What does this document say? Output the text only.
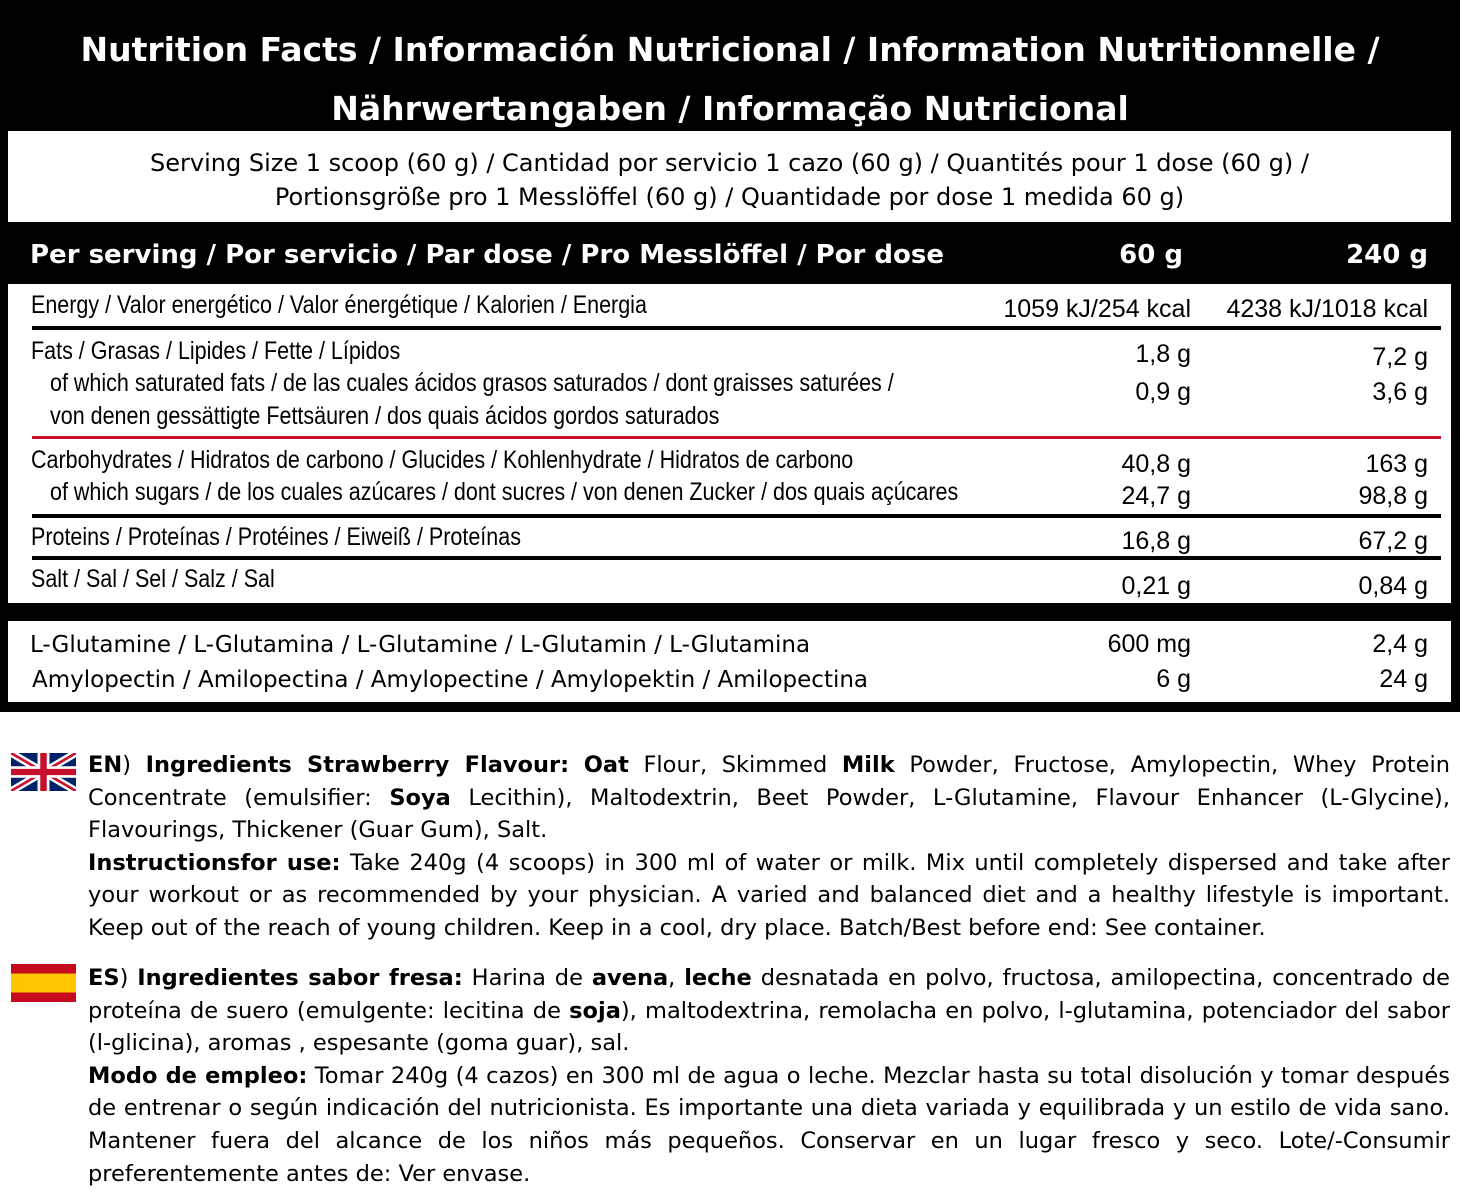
Nutrition Facts / Información Nutricional / Information Nutritionnelle /
Nährwertangaben / Informação Nutricional
Serving Size 1 scoop (60 g) / Cantidad por servicio 1 cazo (60 g) / Quantités pour 1 dose (60 g) /
Portionsgröße pro 1 Messlöffel (60 g) / Quantidade por dose 1 medida 60 g)
Per serving / Por servicio / Par dose / Pro Messlöffel / Por dose	60 g	240 g
Energy / Valor energético / Valor énergétique / Kalorien / Energia	1059 kJ/254 kcal	4238 kJ/1018 kcal
Fats / Grasas / Lipides / Fette / Lípidos	1,8 g	7,2 g
of which saturated fats / de las cuales ácidos grasos saturados / dont graisses saturées /
von denen gessättigte Fettsäuren / dos quais ácidos gordos saturados
0,9 g	3,6 g
Carbohydrates / Hidratos de carbono / Glucides / Kohlenhydrate / Hidratos de carbono	40,8 g	163 g
of which sugars / de los cuales azúcares / dont sucres / von denen Zucker / dos quais açúcares	24,7 g	98,8 g
Proteins / Proteínas / Protéines / Eiweiß / Proteínas	16,8 g	67,2 g
Salt / Sal / Sel / Salz / Sal	0,21 g	0,84 g
L-Glutamine / L-Glutamina / L-Glutamine / L-Glutamin / L-Glutamina	600 mg	2,4 g
Amylopectin / Amilopectina / Amylopectine / Amylopektin / Amilopectina	6 g	24 g

EN) Ingredients Strawberry Flavour: Oat Flour, Skimmed Milk Powder, Fructose, Amylopectin, Whey Protein Concentrate (emulsifier: Soya Lecithin), Maltodextrin, Beet Powder, L-Glutamine, Flavour Enhancer (L-Glycine), Flavourings, Thickener (Guar Gum), Salt.

Instructionsfor use: Take 240g (4 scoops) in 300 ml of water or milk. Mix until completely dispersed and take after your workout or as recommended by your physician. A varied and balanced diet and a healthy lifestyle is important. Keep out of the reach of young children. Keep in a cool, dry place. Batch/Best before end: See container.

ES) Ingredientes sabor fresa: Harina de avena, leche desnatada en polvo, fructosa, amilopectina, concentrado de proteína de suero (emulgente: lecitina de soja), maltodextrina, remolacha en polvo, l-glutamina, potenciador del sabor (l-glicina), aromas , espesante (goma guar), sal.

Modo de empleo: Tomar 240g (4 cazos) en 300 ml de agua o leche. Mezclar hasta su total disolución y tomar después de entrenar o según indicación del nutricionista. Es importante una dieta variada y equilibrada y un estilo de vida sano. Mantener fuera del alcance de los niños más pequeños. Conservar en un lugar fresco y seco. Lote/-Consumir preferentemente antes de: Ver envase.
